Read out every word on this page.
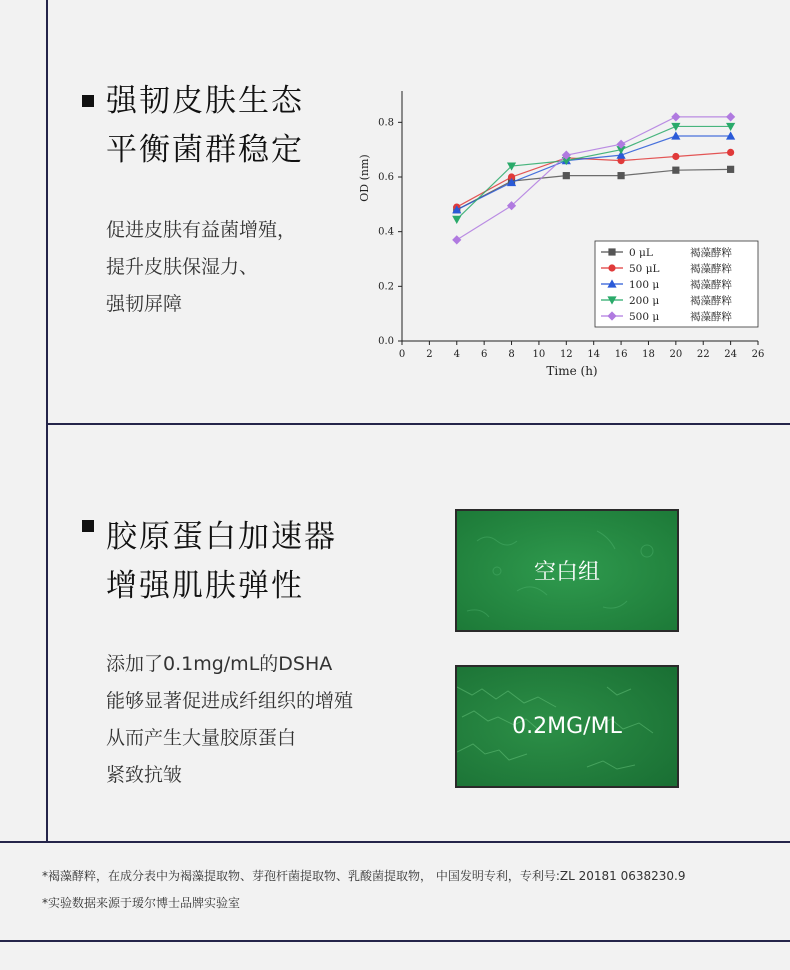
强韧皮肤生态
平衡菌群稳定
促进皮肤有益菌增殖，
提升皮肤保湿力、
强韧屏障
0 2 4 6 8 10 12 14 16 18 20 22 24 26
0.0
0.2
0.4
0.6
0.8
Time (h)
OD (nm)
0 μL	褐藻酵粹
50 μL	褐藻酵粹
100 μ	褐藻酵粹
200 μ	褐藻酵粹
500 μ	褐藻酵粹
胶原蛋白加速器
增强肌肤弹性
添加了0.1mg/mL的DSHA
能够显著促进成纤组织的增殖
从而产生大量胶原蛋白
紧致抗皱
空白组
0.2MG/ML
*褐藻酵粹，在成分表中为褐藻提取物、芽孢杆菌提取物、乳酸菌提取物， 中国发明专利，专利号:ZL 20181 0638230.9
*实验数据来源于瑷尔博士品牌实验室
